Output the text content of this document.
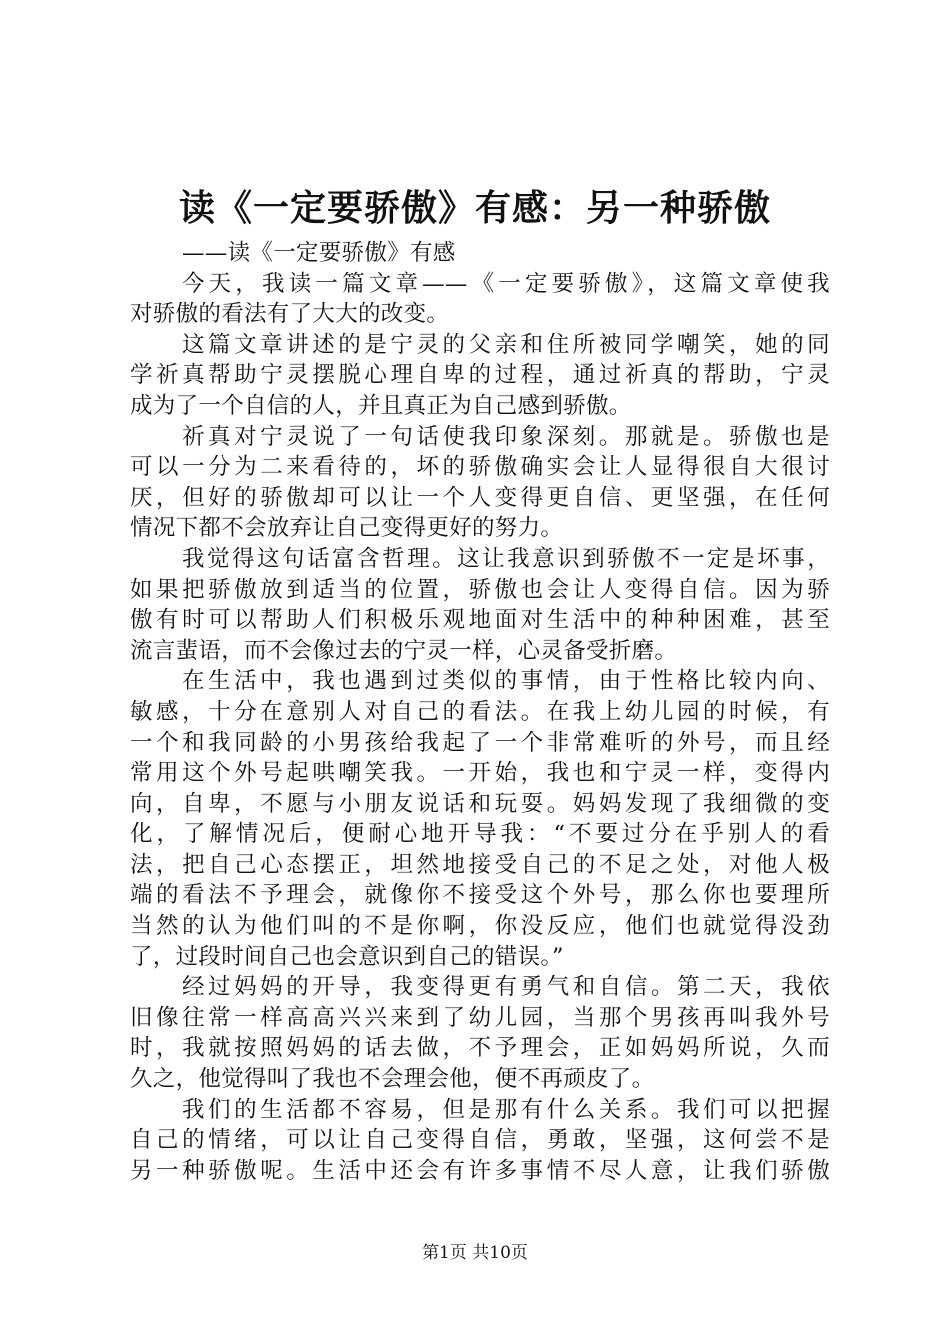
读《一定要骄傲》有感：另一种骄傲
——读《一定要骄傲》有感
今天，我读一篇文章——《一定要骄傲》，这篇文章使我
对骄傲的看法有了大大的改变。
这篇文章讲述的是宁灵的父亲和住所被同学嘲笑，她的同
学祈真帮助宁灵摆脱心理自卑的过程，通过祈真的帮助，宁灵
成为了一个自信的人，并且真正为自己感到骄傲。
祈真对宁灵说了一句话使我印象深刻。那就是。骄傲也是
可以一分为二来看待的，坏的骄傲确实会让人显得很自大很讨
厌，但好的骄傲却可以让一个人变得更自信、更坚强，在任何
情况下都不会放弃让自己变得更好的努力。
我觉得这句话富含哲理。这让我意识到骄傲不一定是坏事，
如果把骄傲放到适当的位置，骄傲也会让人变得自信。因为骄
傲有时可以帮助人们积极乐观地面对生活中的种种困难，甚至
流言蜚语，而不会像过去的宁灵一样，心灵备受折磨。
在生活中，我也遇到过类似的事情，由于性格比较内向、
敏感，十分在意别人对自己的看法。在我上幼儿园的时候，有
一个和我同龄的小男孩给我起了一个非常难听的外号，而且经
常用这个外号起哄嘲笑我。一开始，我也和宁灵一样，变得内
向，自卑，不愿与小朋友说话和玩耍。妈妈发现了我细微的变
化，了解情况后，便耐心地开导我：“不要过分在乎别人的看
法，把自己心态摆正，坦然地接受自己的不足之处，对他人极
端的看法不予理会，就像你不接受这个外号，那么你也要理所
当然的认为他们叫的不是你啊，你没反应，他们也就觉得没劲
了，过段时间自己也会意识到自己的错误。”
经过妈妈的开导，我变得更有勇气和自信。第二天，我依
旧像往常一样高高兴兴来到了幼儿园，当那个男孩再叫我外号
时，我就按照妈妈的话去做，不予理会，正如妈妈所说，久而
久之，他觉得叫了我也不会理会他，便不再顽皮了。
我们的生活都不容易，但是那有什么关系。我们可以把握
自己的情绪，可以让自己变得自信，勇敢，坚强，这何尝不是
另一种骄傲呢。生活中还会有许多事情不尽人意，让我们骄傲
第1页 共10页
